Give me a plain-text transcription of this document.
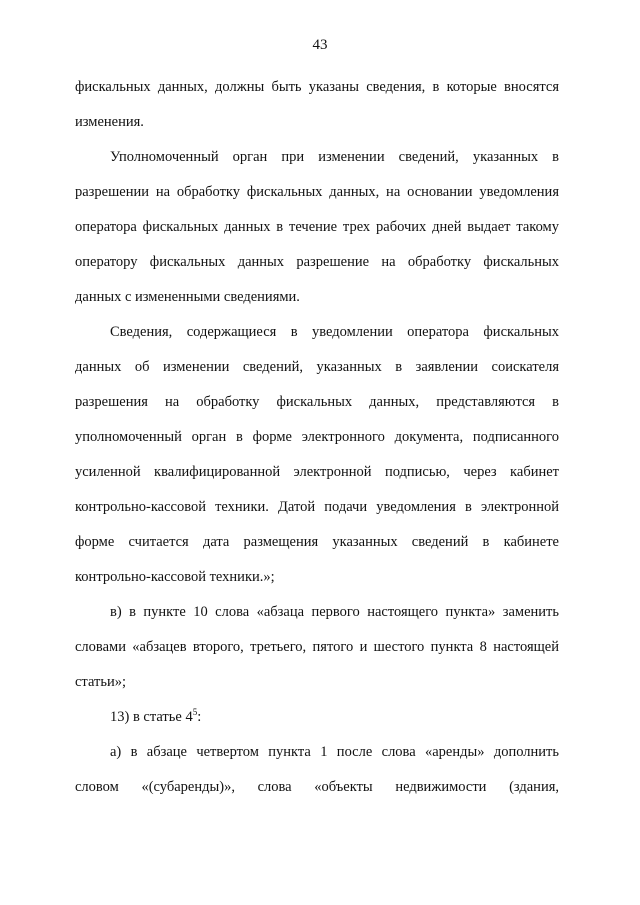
43

фискальных данных, должны быть указаны сведения, в которые вносятся
изменения.

Уполномоченный орган при изменении сведений, указанных в
разрешении на обработку фискальных данных, на основании уведомления
оператора фискальных данных в течение трех рабочих дней выдает такому
оператору фискальных данных разрешение на обработку фискальных
данных с измененными сведениями.

Сведения, содержащиеся в уведомлении оператора фискальных
данных об изменении сведений, указанных в заявлении соискателя
разрешения на обработку фискальных данных, представляются в
уполномоченный орган в форме электронного документа, подписанного
усиленной квалифицированной электронной подписью, через кабинет
контрольно-кассовой техники. Датой подачи уведомления в электронной
форме считается дата размещения указанных сведений в кабинете
контрольно-кассовой техники.»;

в) в пункте 10 слова «абзаца первого настоящего пункта» заменить
словами «абзацев второго, третьего, пятого и шестого пункта 8 настоящей
статьи»;

13) в статье $4^5$:

а) в абзаце четвертом пункта 1 после слова «аренды» дополнить
словом «(субаренды)», слова «объекты недвижимости (здания,
